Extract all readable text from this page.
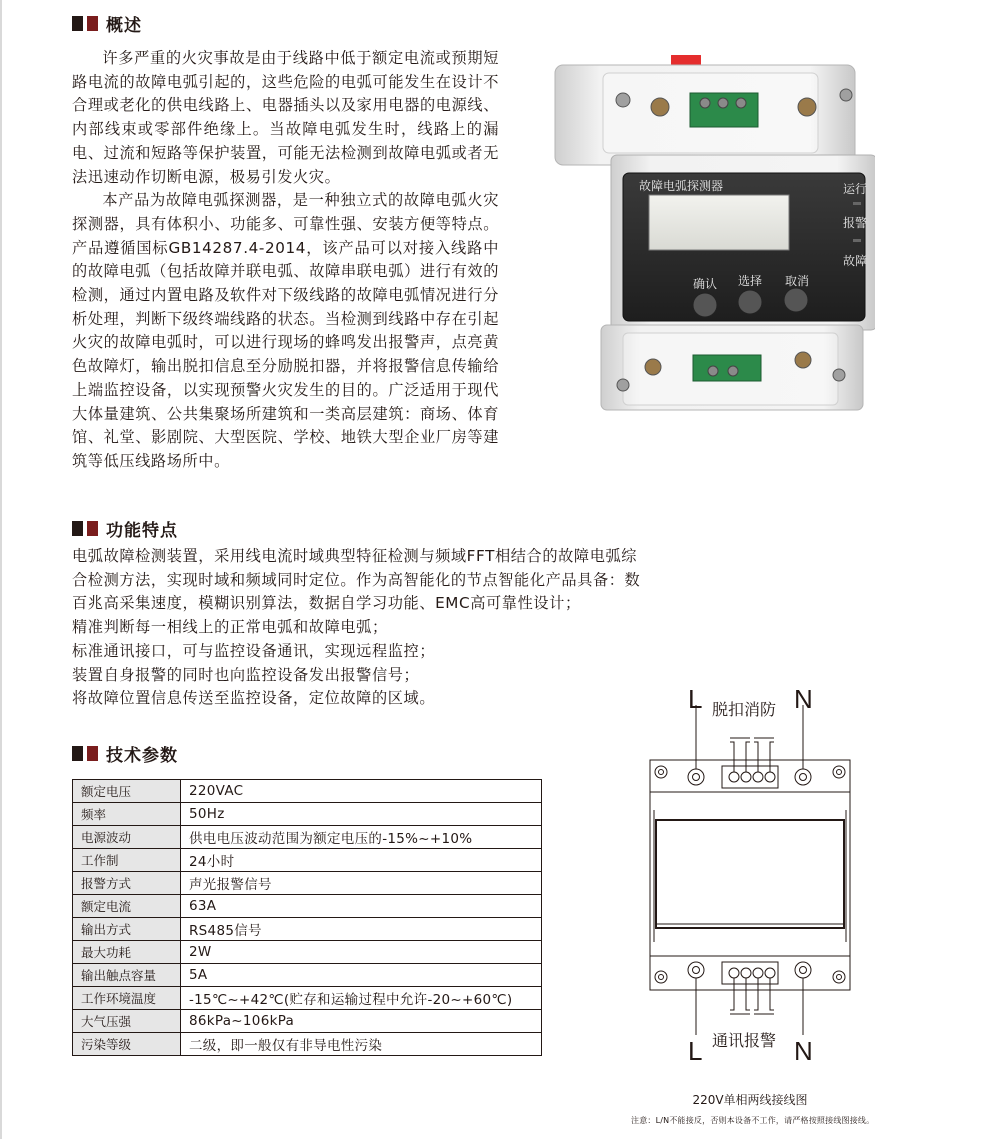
概述

许多严重的火灾事故是由于线路中低于额定电流或预期短路电流的故障电弧引起的，这些危险的电弧可能发生在设计不合理或老化的供电线路上、电器插头以及家用电器的电源线、内部线束或零部件绝缘上。当故障电弧发生时，线路上的漏电、过流和短路等保护装置，可能无法检测到故障电弧或者无法迅速动作切断电源，极易引发火灾。

本产品为故障电弧探测器，是一种独立式的故障电弧火灾探测器，具有体积小、功能多、可靠性强、安装方便等特点。产品遵循国标GB14287.4-2014，该产品可以对接入线路中的故障电弧（包括故障并联电弧、故障串联电弧）进行有效的检测，通过内置电路及软件对下级线路的故障电弧情况进行分析处理，判断下级终端线路的状态。当检测到线路中存在引起火灾的故障电弧时，可以进行现场的蜂鸣发出报警声，点亮黄色故障灯，输出脱扣信息至分励脱扣器，并将报警信息传输给上端监控设备，以实现预警火灾发生的目的。广泛适用于现代大体量建筑、公共集聚场所建筑和一类高层建筑：商场、体育馆、礼堂、影剧院、大型医院、学校、地铁大型企业厂房等建筑等低压线路场所中。

功能特点
电弧故障检测装置，采用线电流时域典型特征检测与频域FFT相结合的故障电弧综合检测方法，实现时域和频域同时定位。作为高智能化的节点智能化产品具备：数百兆高采集速度，模糊识别算法，数据自学习功能、EMC高可靠性设计；
精准判断每一相线上的正常电弧和故障电弧；
标准通讯接口，可与监控设备通讯，实现远程监控；
装置自身报警的同时也向监控设备发出报警信号；
将故障位置信息传送至监控设备，定位故障的区域。
技术参数
额定电压	220VAC
频率	50Hz
电源波动	供电电压波动范围为额定电压的-15%~+10%
工作制	24小时
报警方式	声光报警信号
额定电流	63A
输出方式	RS485信号
最大功耗	2W
输出触点容量	5A
工作环境温度	-15℃~+42℃(贮存和运输过程中允许-20~+60℃)
大气压强	86kPa~106kPa
污染等级	二级，即一般仅有非导电性污染
故障电弧探测器	运行
报警
故障
确认 选择 取消
L	N
脱扣消防
L	N
通讯报警
220V单相两线接线图
注意：L/N不能接反，否则本设备不工作，请严格按照接线图接线。
